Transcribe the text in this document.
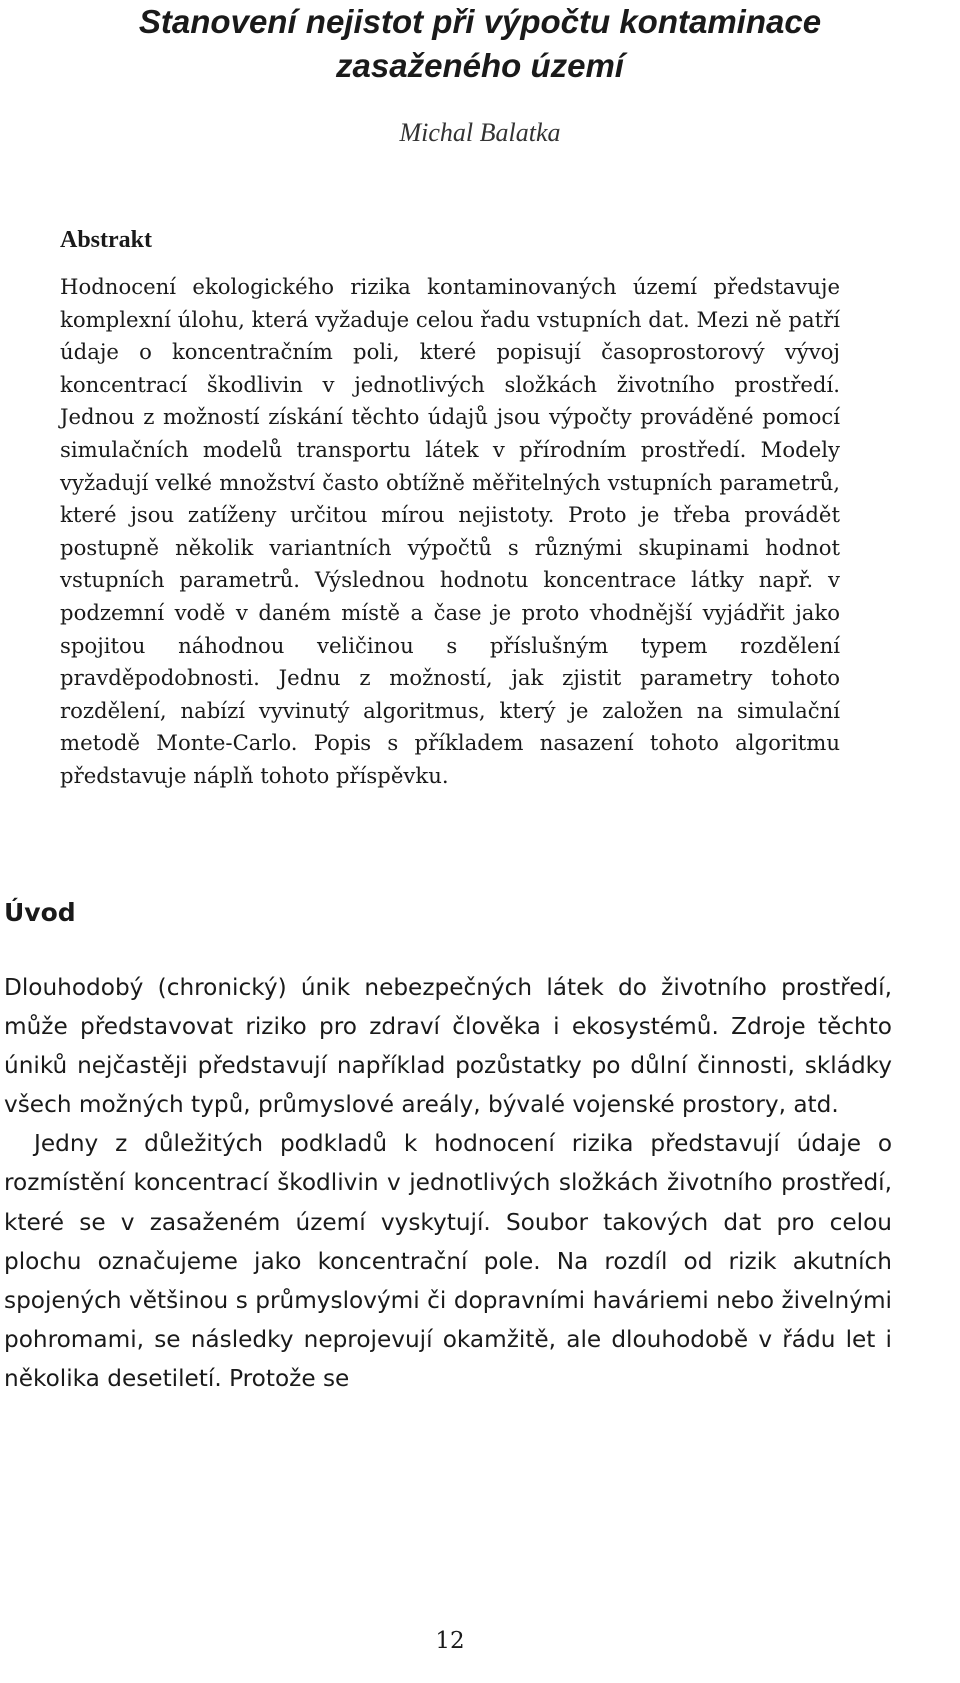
Stanovení nejistot při výpočtu kontaminace
zasaženého území
Michal Balatka
Abstrakt

Hodnocení ekologického rizika kontaminovaných území představuje komplexní úlohu, která vyžaduje celou řadu vstupních dat. Mezi ně patří údaje o koncentračním poli, které popisují časoprostorový vývoj koncentrací škodlivin v jednotlivých složkách životního prostředí. Jednou z možností získání těchto údajů jsou výpočty prováděné pomocí simulačních modelů transportu látek v přírodním prostředí. Modely vyžadují velké množství často obtížně měřitelných vstupních parametrů, které jsou zatíženy určitou mírou nejistoty. Proto je třeba provádět postupně několik variantních výpočtů s různými skupinami hodnot vstupních parametrů. Výslednou hodnotu koncentrace látky např. v podzemní vodě v daném místě a čase je proto vhodnější vyjádřit jako spojitou náhodnou veličinou s příslušným typem rozdělení pravděpodobnosti. Jednu z možností, jak zjistit parametry tohoto rozdělení, nabízí vyvinutý algoritmus, který je založen na simulační metodě Monte-Carlo. Popis s příkladem nasazení tohoto algoritmu představuje náplň tohoto příspěvku.

Úvod

Dlouhodobý (chronický) únik nebezpečných látek do životního prostředí, může představovat riziko pro zdraví člověka i ekosystémů. Zdroje těchto úniků nejčastěji představují například pozůstatky po důlní činnosti, skládky všech možných typů, průmyslové areály, bývalé vojenské prostory, atd.

Jedny z důležitých podkladů k hodnocení rizika představují údaje o rozmístění koncentrací škodlivin v jednotlivých složkách životního prostředí, které se v zasaženém území vyskytují. Soubor takových dat pro celou plochu označujeme jako koncentrační pole. Na rozdíl od rizik akutních spojených většinou s průmyslovými či dopravními haváriemi nebo živelnými pohromami, se následky neprojevují okamžitě, ale dlouhodobě v řádu let i několika desetiletí. Protože se

12
